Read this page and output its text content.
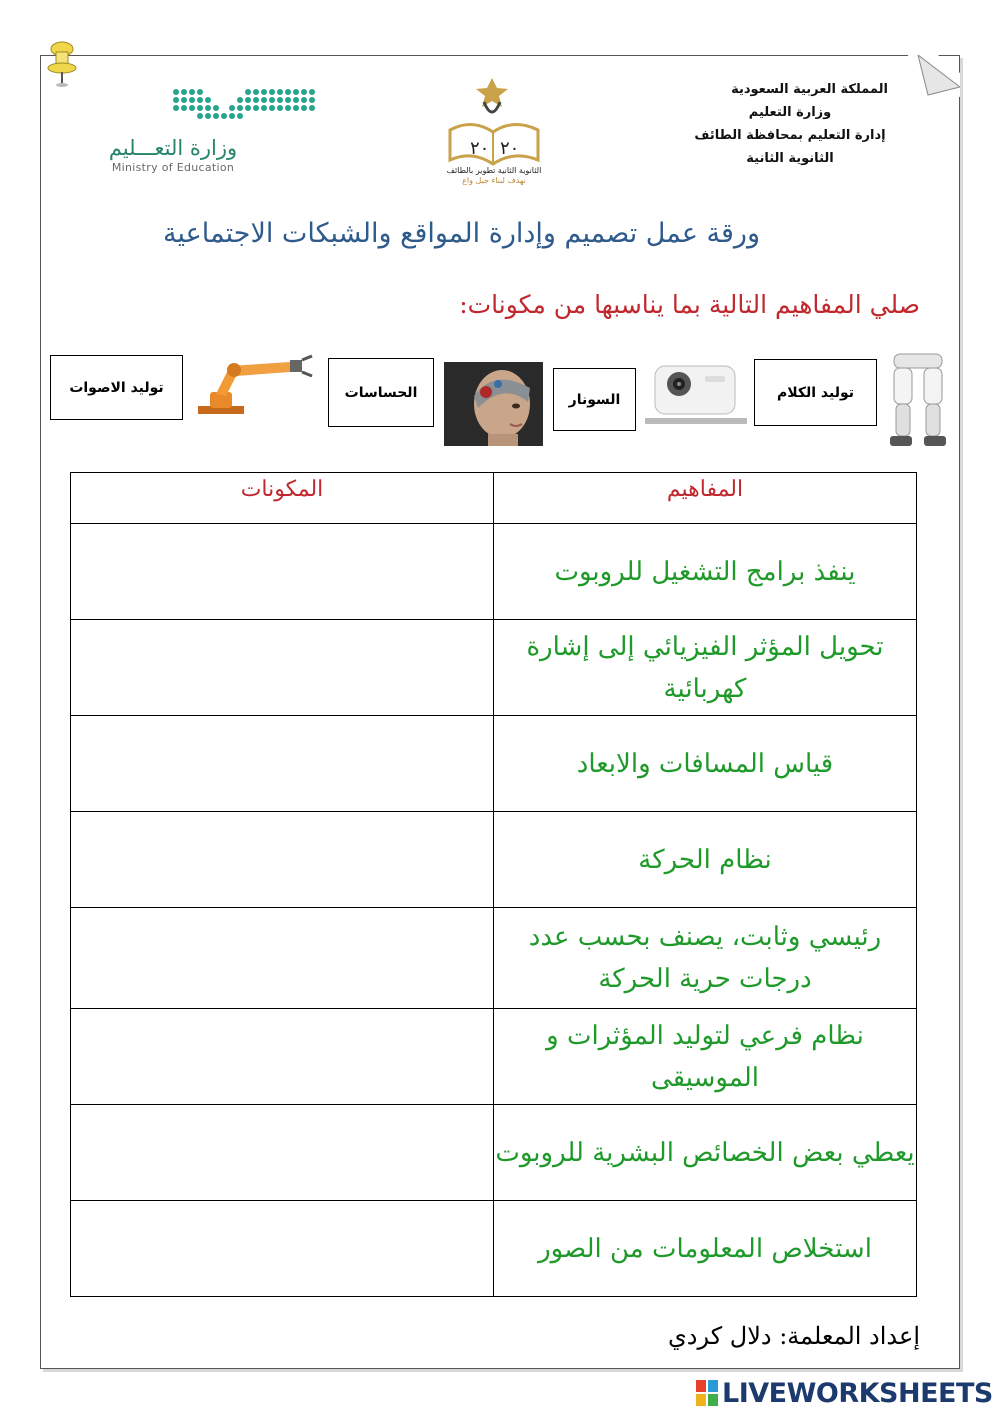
المملكة العربية السعودية
وزارة التعليم
إدارة التعليم بمحافظة الطائف
الثانوية الثانية
وزارة التعـــليم
Ministry of Education
٢٠ ٢٠
الثانوية الثانية تطوير بالطائف
نهدف لبناء جيل واع
ورقة عمل تصميم وإدارة المواقع والشبكات الاجتماعية
صلي المفاهيم التالية بما يناسبها من مكونات:
توليد الاصوات	الحساسات	السونار	توليد الكلام
المكونات	المفاهيم
	ينفذ برامج التشغيل للروبوت
	تحويل المؤثر الفيزيائي إلى إشارة كهربائية
	قياس المسافات والابعاد
	نظام الحركة
	رئيسي وثابت، يصنف بحسب عدد درجات حرية الحركة
	نظام فرعي لتوليد المؤثرات و الموسيقى
	يعطي بعض الخصائص البشرية للروبوت
	استخلاص المعلومات من الصور
إعداد المعلمة: دلال كردي
LIVEWORKSHEETS
